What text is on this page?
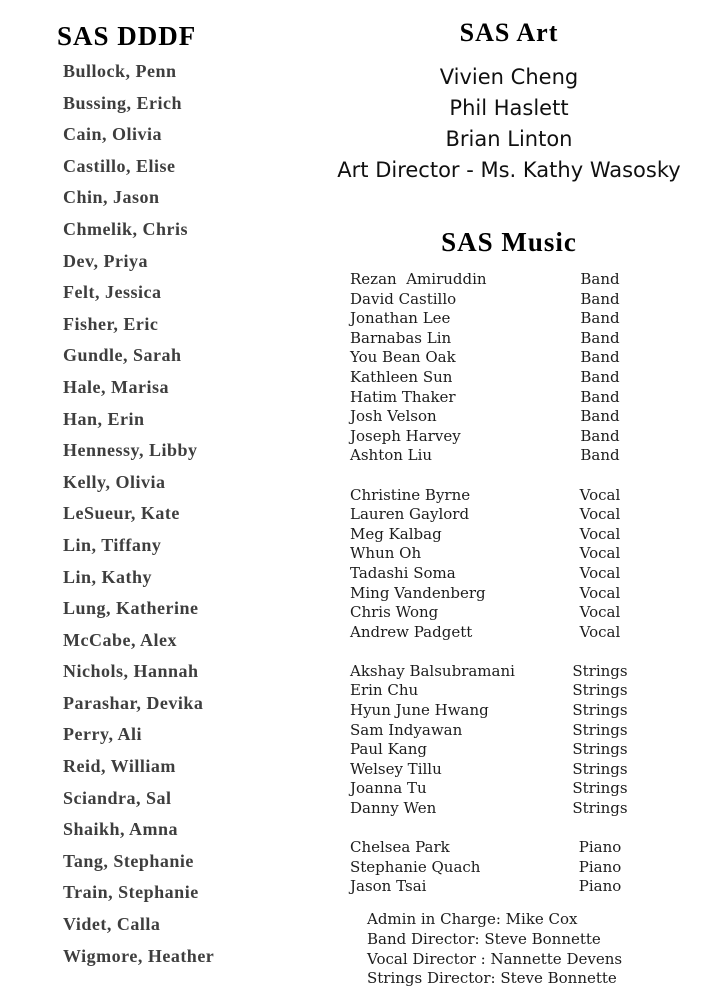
SAS DDDF
Bullock, Penn
Bussing, Erich
Cain, Olivia
Castillo, Elise
Chin, Jason
Chmelik, Chris
Dev, Priya
Felt, Jessica
Fisher, Eric
Gundle, Sarah
Hale, Marisa
Han, Erin
Hennessy, Libby
Kelly, Olivia
LeSueur, Kate
Lin, Tiffany
Lin, Kathy
Lung, Katherine
McCabe, Alex
Nichols, Hannah
Parashar, Devika
Perry, Ali
Reid, William
Sciandra, Sal
Shaikh, Amna
Tang, Stephanie
Train, Stephanie
Videt, Calla
Wigmore, Heather
SAS Art
Vivien Cheng
Phil Haslett
Brian Linton
Art Director - Ms. Kathy Wasosky
SAS Music
Rezan  Amiruddin	Band
David Castillo	Band
Jonathan Lee	Band
Barnabas Lin	Band
You Bean Oak	Band
Kathleen Sun	Band
Hatim Thaker	Band
Josh Velson	Band
Joseph Harvey	Band
Ashton Liu	Band
Christine Byrne	Vocal
Lauren Gaylord	Vocal
Meg Kalbag	Vocal
Whun Oh	Vocal
Tadashi Soma	Vocal
Ming Vandenberg	Vocal
Chris Wong	Vocal
Andrew Padgett	Vocal
Akshay Balsubramani	Strings
Erin Chu	Strings
Hyun June Hwang	Strings
Sam Indyawan	Strings
Paul Kang	Strings
Welsey Tillu	Strings
Joanna Tu	Strings
Danny Wen	Strings
Chelsea Park	Piano
Stephanie Quach	Piano
Jason Tsai	Piano
Admin in Charge: Mike Cox
Band Director: Steve Bonnette
Vocal Director : Nannette Devens
Strings Director: Steve Bonnette
